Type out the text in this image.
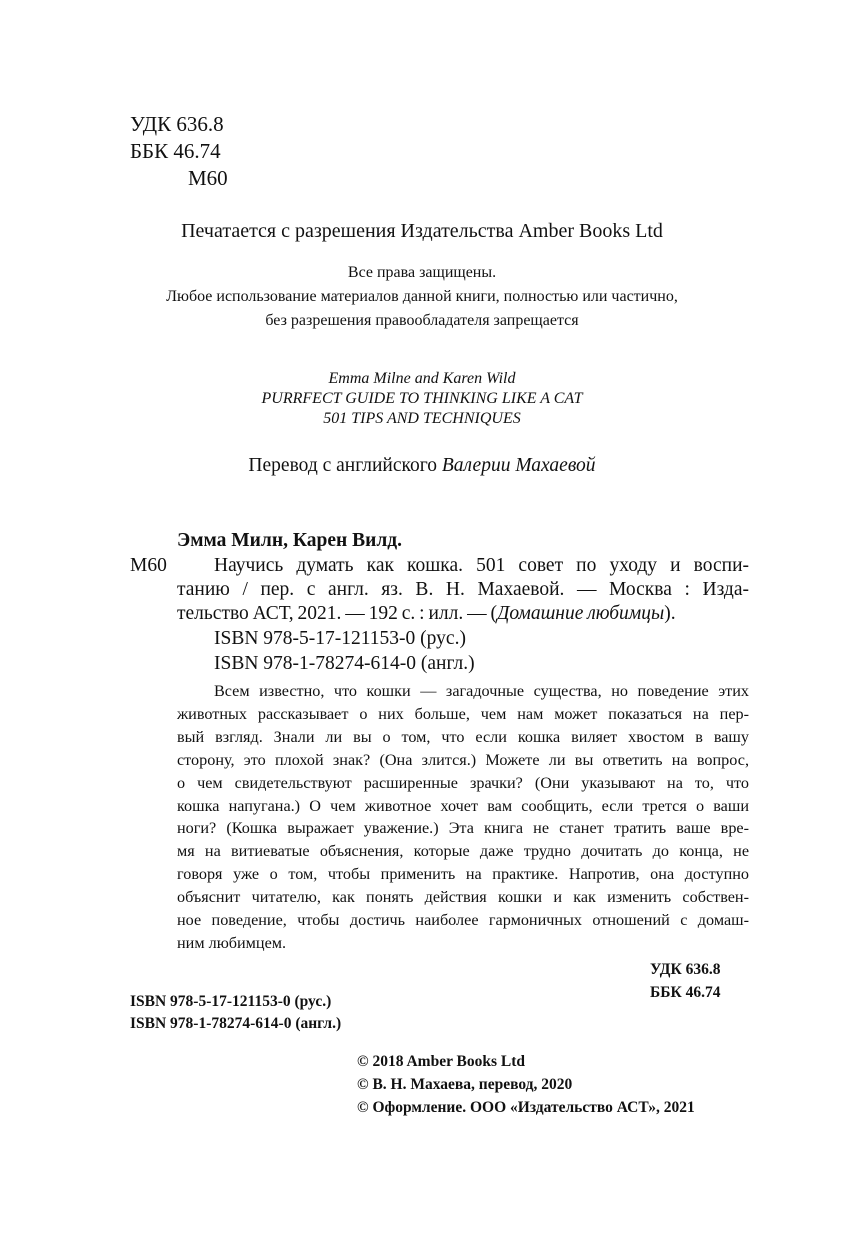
УДК 636.8
ББК 46.74
М60
Печатается с разрешения Издательства Amber Books Ltd
Все права защищены.
Любое использование материалов данной книги, полностью или частично,
без разрешения правообладателя запрещается
Emma Milne and Karen Wild
PURRFECT GUIDE TO THINKING LIKE A CAT
501 TIPS AND TECHNIQUES
Перевод с английского Валерии Махаевой
Эмма Милн, Карен Вилд.
М60 Научись думать как кошка. 501 совет по уходу и воспи-
танию / пер. с англ. яз. В. Н. Махаевой. — Москва : Изда-
тельство АСТ, 2021. — 192 с. : илл. — (Домашние любимцы).
ISBN 978-5-17-121153-0 (рус.)
ISBN 978-1-78274-614-0 (англ.)
Всем известно, что кошки — загадочные существа, но поведение этих
животных рассказывает о них больше, чем нам может показаться на пер-
вый взгляд. Знали ли вы о том, что если кошка виляет хвостом в вашу
сторону, это плохой знак? (Она злится.) Можете ли вы ответить на вопрос,
о чем свидетельствуют расширенные зрачки? (Они указывают на то, что
кошка напугана.) О чем животное хочет вам сообщить, если трется о ваши
ноги? (Кошка выражает уважение.) Эта книга не станет тратить ваше вре-
мя на витиеватые объяснения, которые даже трудно дочитать до конца, не
говоря уже о том, чтобы применить на практике. Напротив, она доступно
объяснит читателю, как понять действия кошки и как изменить собствен-
ное поведение, чтобы достичь наиболее гармоничных отношений с домаш-
ним любимцем.
УДК 636.8
ББК 46.74
ISBN 978-5-17-121153-0 (рус.)
ISBN 978-1-78274-614-0 (англ.)
© 2018 Amber Books Ltd
© В. Н. Махаева, перевод, 2020
© Оформление. ООО «Издательство АСТ», 2021
